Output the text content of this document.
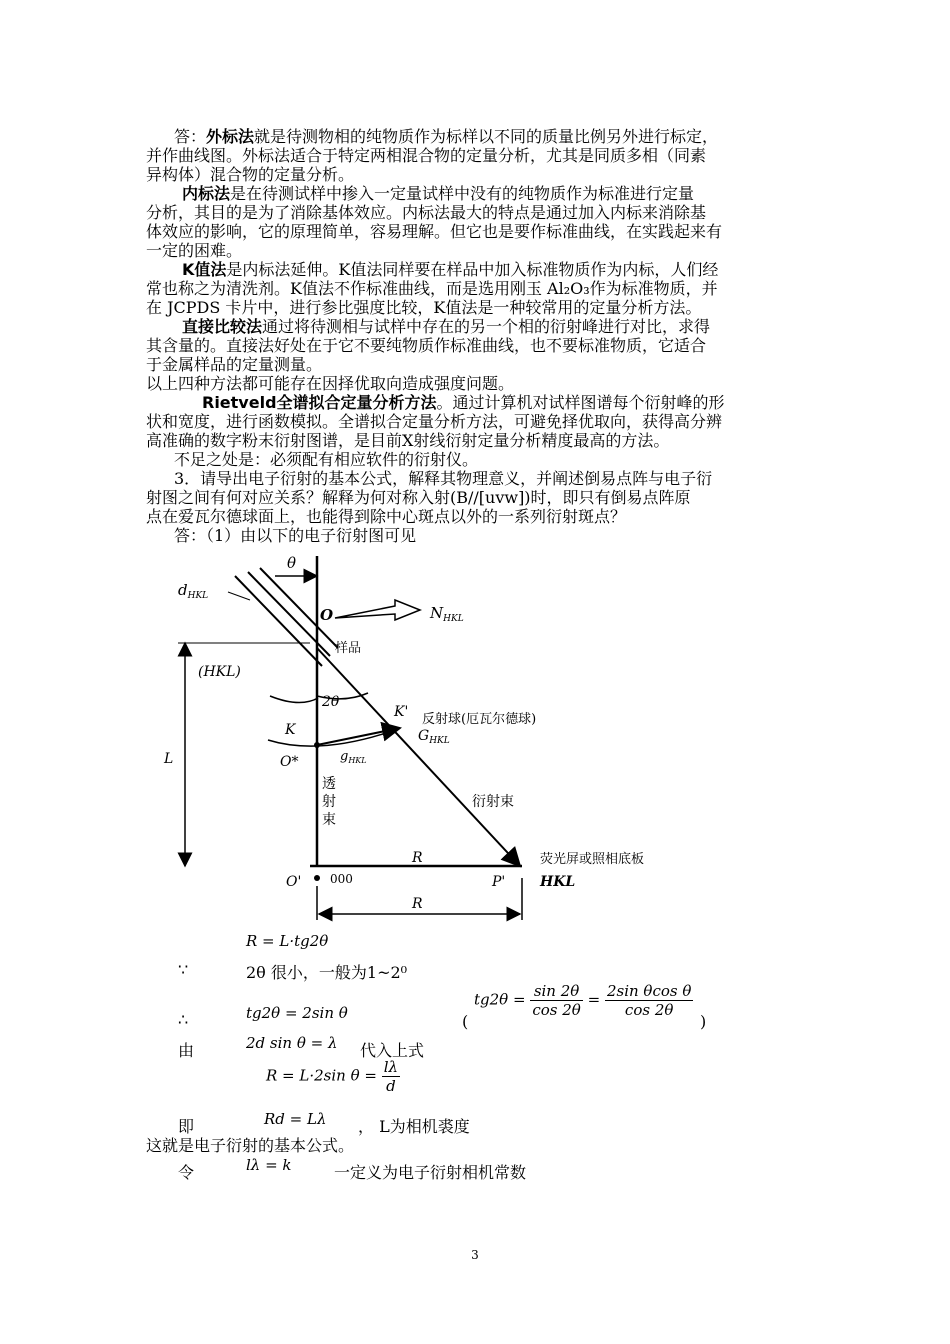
答：外标法就是待测物相的纯物质作为标样以不同的质量比例另外进行标定，
并作曲线图。外标法适合于特定两相混合物的定量分析，尤其是同质多相（同素
异构体）混合物的定量分析。
内标法是在待测试样中掺入一定量试样中没有的纯物质作为标准进行定量
分析，其目的是为了消除基体效应。内标法最大的特点是通过加入内标来消除基
体效应的影响，它的原理简单，容易理解。但它也是要作标准曲线，在实践起来有
一定的困难。
K值法是内标法延伸。K值法同样要在样品中加入标准物质作为内标，人们经
常也称之为清洗剂。K值法不作标准曲线，而是选用刚玉 Al₂O₃作为标准物质，并
在 JCPDS 卡片中，进行参比强度比较，K值法是一种较常用的定量分析方法。
直接比较法通过将待测相与试样中存在的另一个相的衍射峰进行对比，求得
其含量的。直接法好处在于它不要纯物质作标准曲线，也不要标准物质，它适合
于金属样品的定量测量。
以上四种方法都可能存在因择优取向造成强度问题。
Rietveld全谱拟合定量分析方法。通过计算机对试样图谱每个衍射峰的形
状和宽度，进行函数模拟。全谱拟合定量分析方法，可避免择优取向，获得高分辨
高准确的数字粉末衍射图谱，是目前X射线衍射定量分析精度最高的方法。
不足之处是：必须配有相应软件的衍射仪。
3．请导出电子衍射的基本公式，解释其物理意义，并阐述倒易点阵与电子衍
射图之间有何对应关系？解释为何对称入射(B//[uvw])时，即只有倒易点阵原
点在爱瓦尔德球面上，也能得到除中心斑点以外的一系列衍射斑点？
答：（1）由以下的电子衍射图可见
θ
$d_{HKL}$
O	$N_{HKL}$
样品
(HKL)
2θ
K' 反射球(厄瓦尔德球)
K	$G_{HKL}$
O*	$g_{HKL}$
L
透
射
束
衍射束
R	荧光屏或照相底板
O' 000	P' HKL
R
R = L·tg2θ
∵	2θ 很小，一般为1~2⁰
∴	tg2θ = 2sin θ	(
$tg2\theta = \frac{\sin 2\theta}{\cos 2\theta} = \frac{\text{2sin θcos θ}}{\cos 2\theta}$
)
由	2d sin θ = λ 代入上式
R = L·2sin $\theta = \frac{l\lambda}{d}$
即	Rd = Lλ ， L为相机裘度
这就是电子衍射的基本公式。
令	lλ = k	一定义为电子衍射相机常数
3
